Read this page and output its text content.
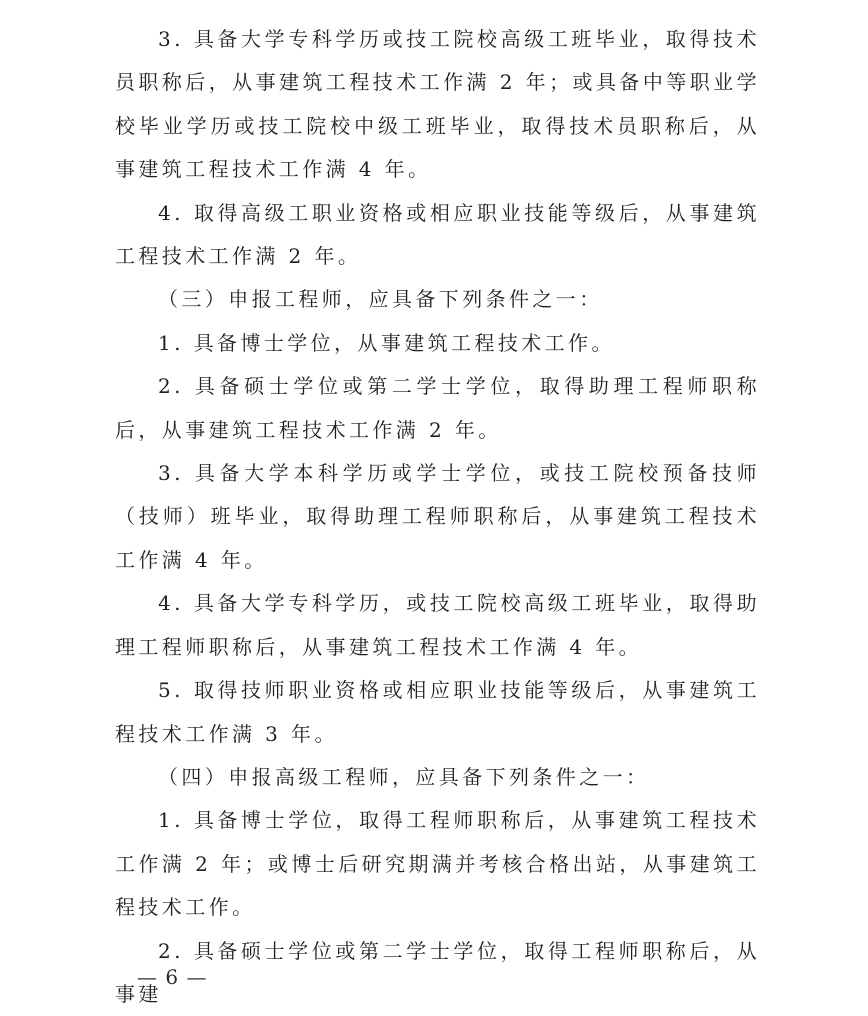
3. 具备大学专科学历或技工院校高级工班毕业，取得技术员职称后，从事建筑工程技术工作满 2 年；或具备中等职业学校毕业学历或技工院校中级工班毕业，取得技术员职称后，从事建筑工程技术工作满 4 年。

4. 取得高级工职业资格或相应职业技能等级后，从事建筑工程技术工作满 2 年。

（三）申报工程师，应具备下列条件之一：

1. 具备博士学位，从事建筑工程技术工作。

2. 具备硕士学位或第二学士学位，取得助理工程师职称后，从事建筑工程技术工作满 2 年。

3. 具备大学本科学历或学士学位，或技工院校预备技师（技师）班毕业，取得助理工程师职称后，从事建筑工程技术工作满 4 年。

4. 具备大学专科学历，或技工院校高级工班毕业，取得助理工程师职称后，从事建筑工程技术工作满 4 年。

5. 取得技师职业资格或相应职业技能等级后，从事建筑工程技术工作满 3 年。

（四）申报高级工程师，应具备下列条件之一：

1. 具备博士学位，取得工程师职称后，从事建筑工程技术工作满 2 年；或博士后研究期满并考核合格出站，从事建筑工程技术工作。

2. 具备硕士学位或第二学士学位，取得工程师职称后，从事建

— 6 —
